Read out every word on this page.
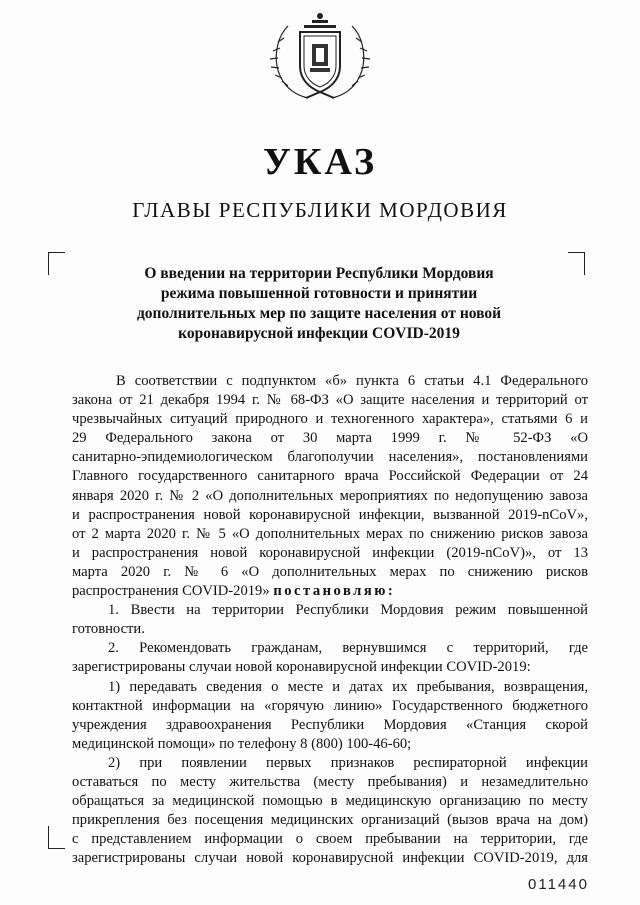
УКАЗ
ГЛАВЫ РЕСПУБЛИКИ МОРДОВИЯ
О введении на территории Республики Мордовия
режима повышенной готовности и принятии
дополнительных мер по защите населения от новой
коронавирусной инфекции COVID-2019
В соответствии с подпунктом «б» пункта 6 статьи 4.1 Федерального
закона от 21 декабря 1994 г. № 68-ФЗ «О защите населения и территорий от
чрезвычайных ситуаций природного и техногенного характера», статьями 6 и
29 Федерального закона от 30 марта 1999 г. № 52-ФЗ «О
санитарно-эпидемиологическом благополучии населения», постановлениями
Главного государственного санитарного врача Российской Федерации от 24
января 2020 г. № 2 «О дополнительных мероприятиях по недопущению завоза
и распространения новой коронавирусной инфекции, вызванной 2019-nCoV»,
от 2 марта 2020 г. № 5 «О дополнительных мерах по снижению рисков завоза
и распространения новой коронавирусной инфекции (2019-nCoV)», от 13
марта 2020 г. № 6 «О дополнительных мерах по снижению рисков
распространения COVID-2019» постановляю:
1. Ввести на территории Республики Мордовия режим повышенной
готовности.
2. Рекомендовать гражданам, вернувшимся с территорий, где
зарегистрированы случаи новой коронавирусной инфекции COVID-2019:
1) передавать сведения о месте и датах их пребывания, возвращения,
контактной информации на «горячую линию» Государственного бюджетного
учреждения здравоохранения Республики Мордовия «Станция скорой
медицинской помощи» по телефону 8 (800) 100-46-60;
2) при появлении первых признаков респираторной инфекции
оставаться по месту жительства (месту пребывания) и незамедлительно
обращаться за медицинской помощью в медицинскую организацию по месту
прикрепления без посещения медицинских организаций (вызов врача на дом)
с представлением информации о своем пребывании на территории, где
зарегистрированы случаи новой коронавирусной инфекции COVID-2019, для
011440
